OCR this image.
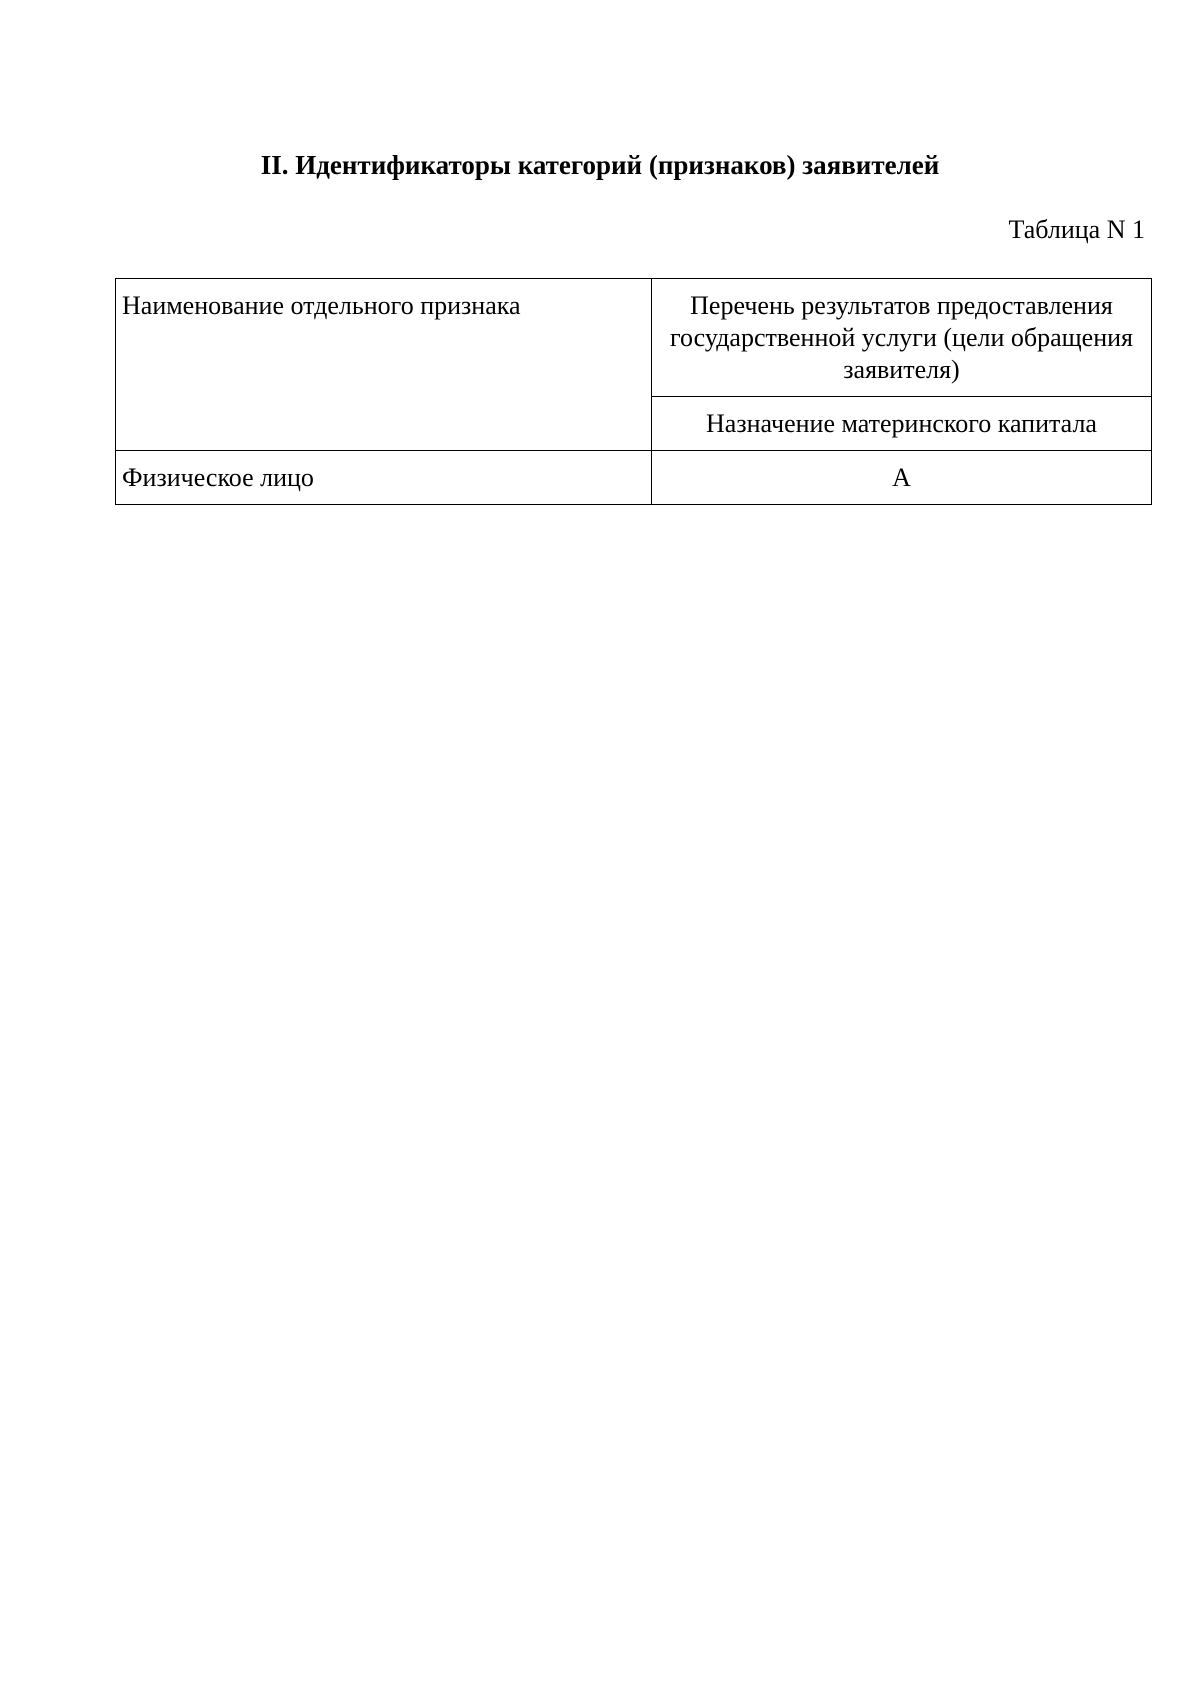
II. Идентификаторы категорий (признаков) заявителей
Таблица N 1
Наименование отдельного признака	Перечень результатов предоставления государственной услуги (цели обращения заявителя)

	Назначение материнского капитала

Физическое лицо	А
